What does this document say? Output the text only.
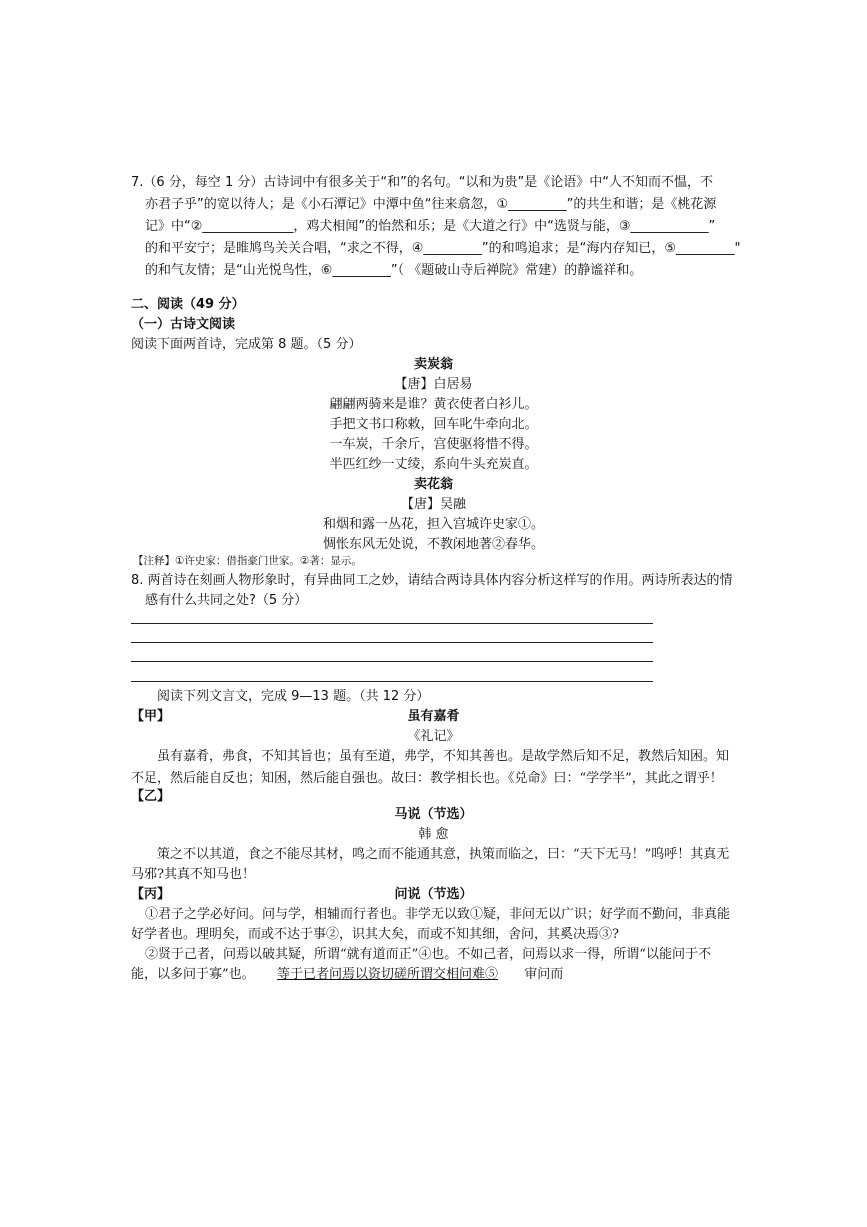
7.（6 分，每空 1 分）古诗词中有很多关于“和”的名句。“以和为贵”是《论语》中“人不知而不愠，不
亦君子乎”的宽以待人；是《小石潭记》中潭中鱼“往来翕忽，①_________”的共生和谐；是《桃花源
记》中“②______________，鸡犬相闻”的怡然和乐；是《大道之行》中“选贤与能，③____________”
的和平安宁；是睢鸠鸟关关合唱，“求之不得，④_________”的和鸣追求；是“海内存知已，⑤_________"
的和气友情；是“山光悦鸟性，⑥_________”（ 《题破山寺后禅院》常建）的静谧祥和。
二、阅读（49 分）
（一）古诗文阅读
阅读下面两首诗，完成第 8 题。（5 分）
卖炭翁
【唐】白居易
翩翩两骑来是谁？黄衣使者白衫儿。
手把文书口称敕，回车叱牛牵向北。
一车炭，千余斤，宫使驱将惜不得。
半匹红纱一丈绫，系向牛头充炭直。
卖花翁
【唐】吴融
和烟和露一丛花，担入宫城许史家①。
惆怅东风无处说，不教闲地著②春华。
【注释】①许史家：借指豪门世家。②著：显示。
8. 两首诗在刻画人物形象时，有异曲同工之妙，请结合两诗具体内容分析这样写的作用。两诗所表达的情
感有什么共同之处?（5 分）
阅读下列文言文，完成 9—13 题。（共 12 分）
【甲】	虽有嘉肴
《礼记》
虽有嘉肴，弗食，不知其旨也；虽有至道，弗学，不知其善也。是故学然后知不足，教然后知困。知
不足，然后能自反也；知困，然后能自强也。故曰：教学相长也。《兑命》曰：“学学半”，其此之谓乎！
【乙】
马说（节选）
韩 愈
策之不以其道，食之不能尽其材，鸣之而不能通其意，执策而临之，曰：“天下无马！”呜呼！其真无
马邪?其真不知马也！
【丙】	问说（节选）
①君子之学必好问。问与学，相辅而行者也。非学无以致①疑，非问无以广识；好学而不勤问，非真能
好学者也。理明矣，而或不达于事②，识其大矣，而或不知其细，舍问，其奚决焉③?
②贤于己者，问焉以破其疑，所谓“就有道而正”④也。不如己者，问焉以求一得，所谓“以能问于不
能，以多问于寡”也。 等于已者问焉以资切磋所谓交相问难⑤ 审问而
